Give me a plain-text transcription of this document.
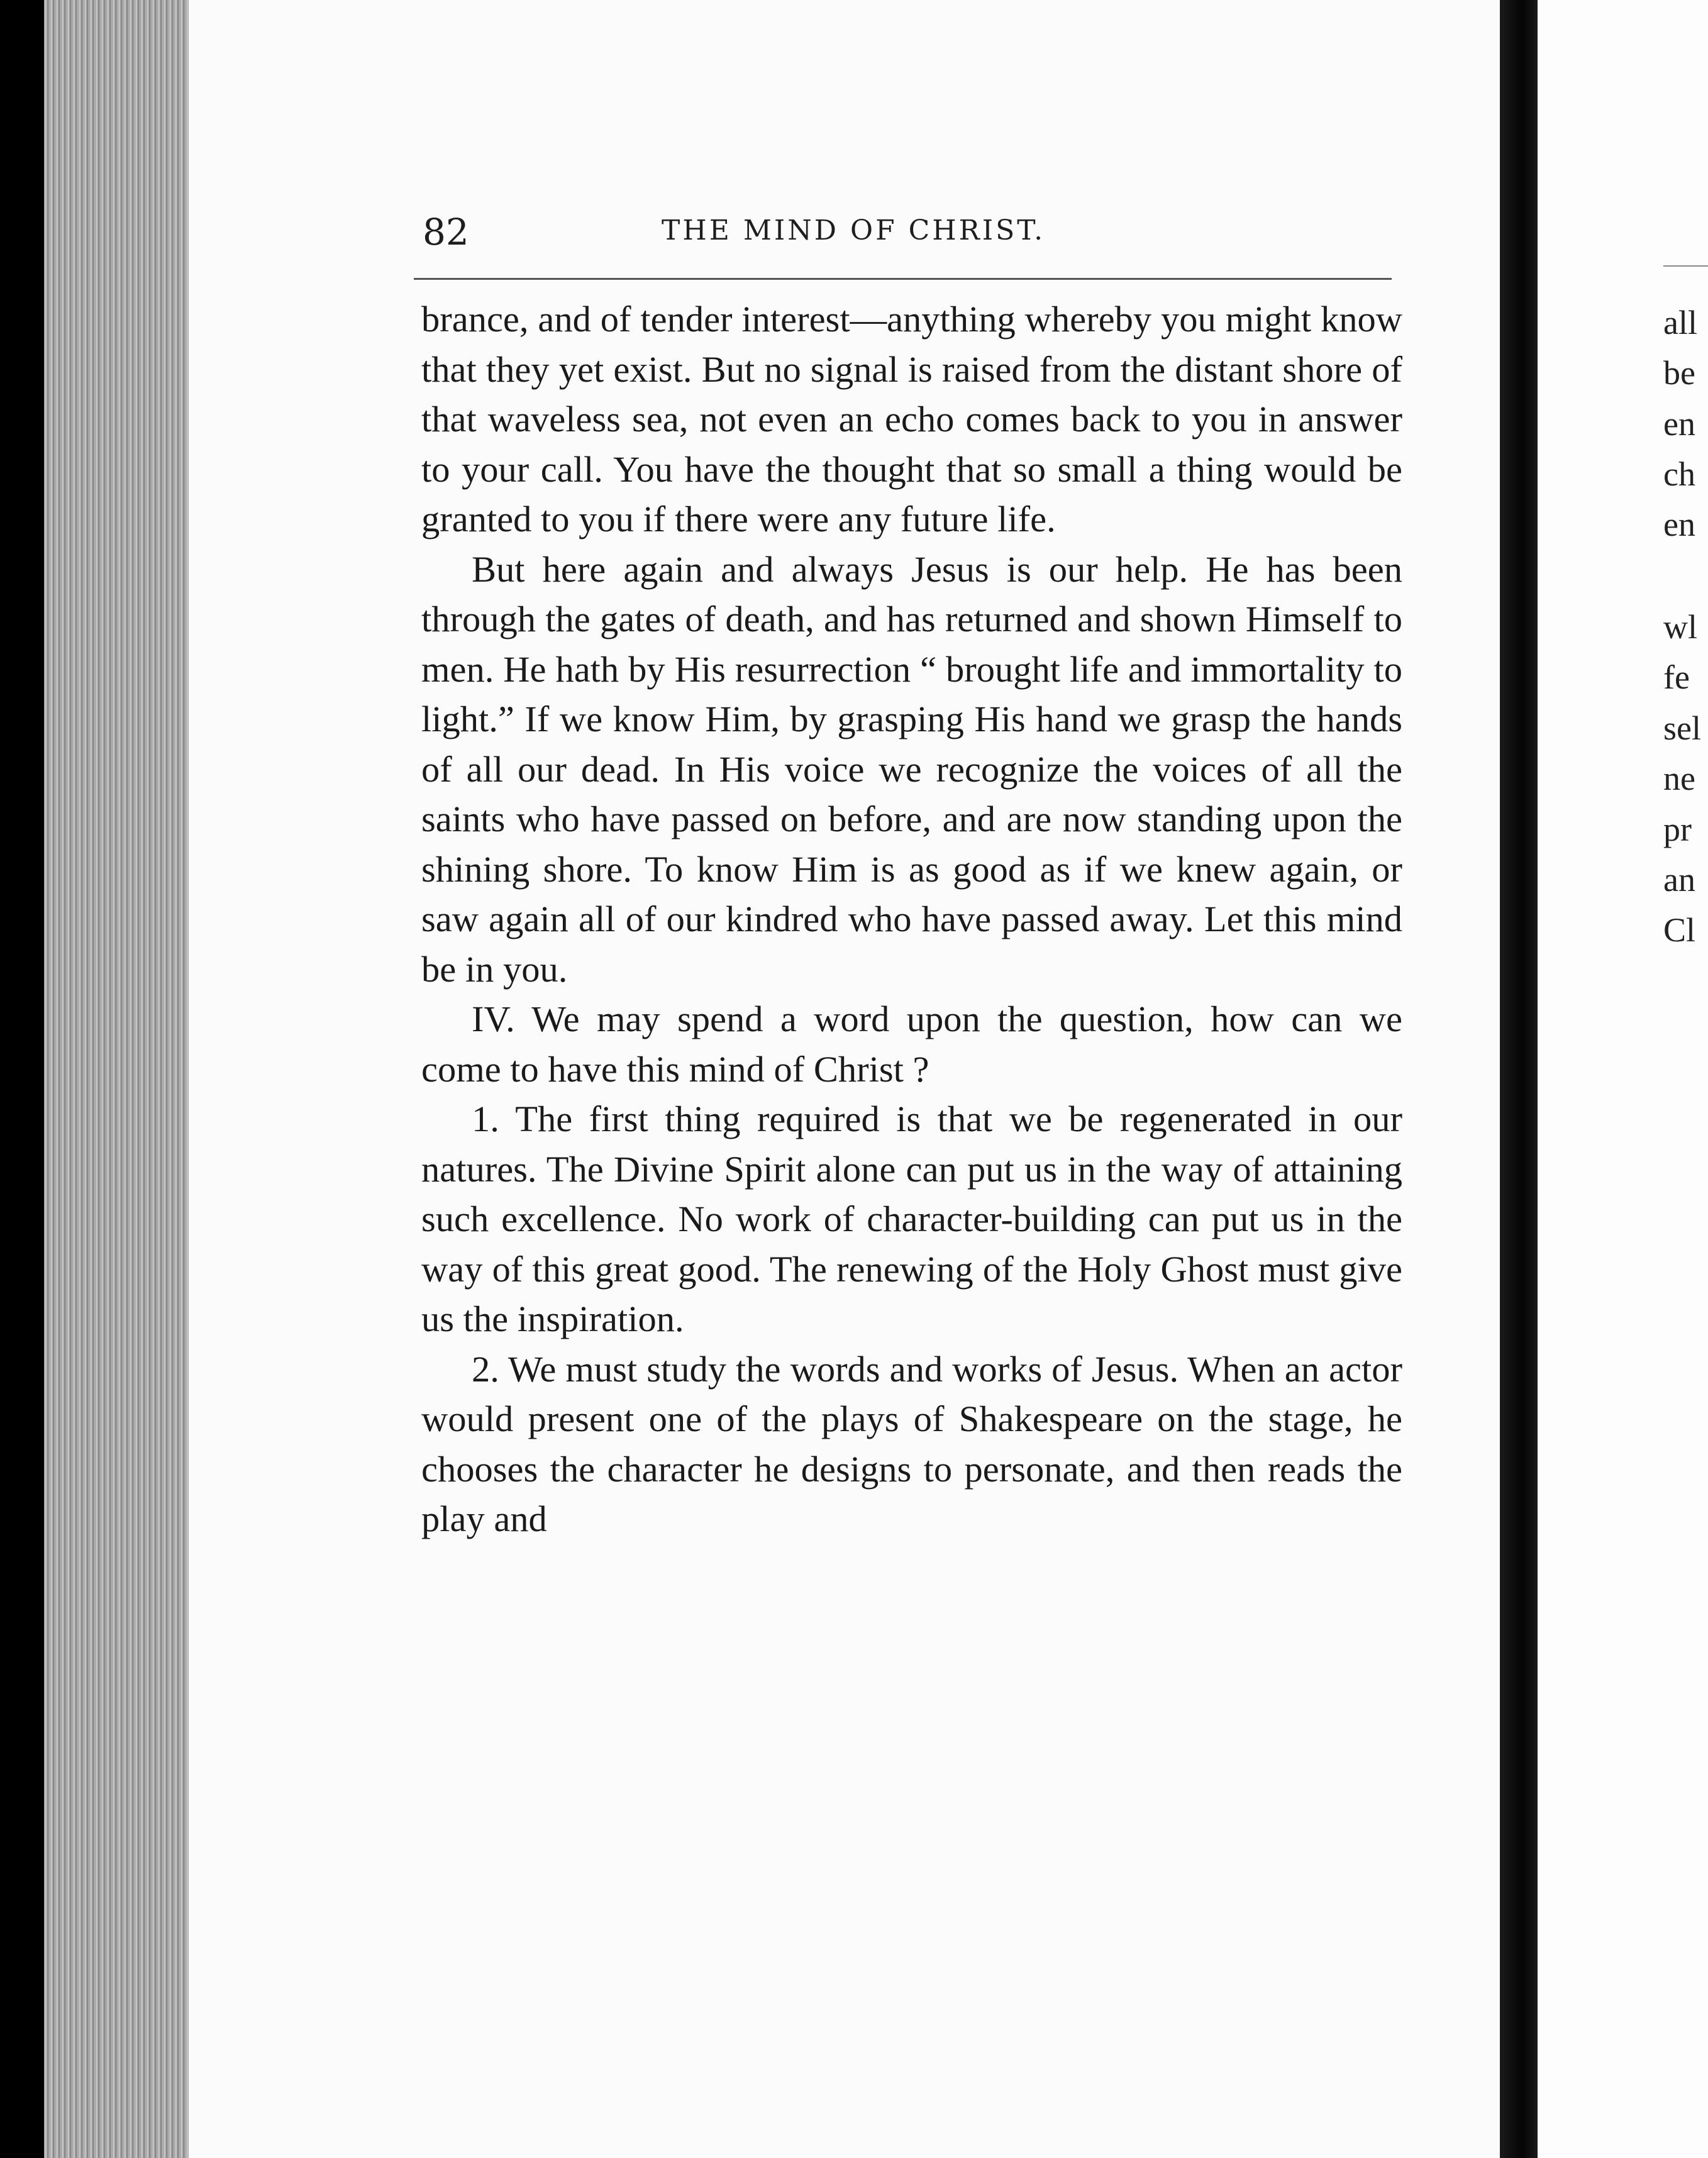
all
be
en
ch
en
wl
fe
sel
ne
pr
an
Cl
82	THE MIND OF CHRIST.

brance, and of tender interest—anything whereby you might know that they yet exist. But no signal is raised from the distant shore of that waveless sea, not even an echo comes back to you in answer to your call. You have the thought that so small a thing would be granted to you if there were any future life.

But here again and always Jesus is our help. He has been through the gates of death, and has returned and shown Himself to men. He hath by His resurrection “ brought life and immortality to light.” If we know Him, by grasping His hand we grasp the hands of all our dead. In His voice we recognize the voices of all the saints who have passed on before, and are now standing upon the shining shore. To know Him is as good as if we knew again, or saw again all of our kindred who have passed away. Let this mind be in you.

IV. We may spend a word upon the question, how can we come to have this mind of Christ ?

1. The first thing required is that we be regenerated in our natures. The Divine Spirit alone can put us in the way of attaining such excellence. No work of character-building can put us in the way of this great good. The renewing of the Holy Ghost must give us the inspiration.

2. We must study the words and works of Jesus. When an actor would present one of the plays of Shakespeare on the stage, he chooses the character he designs to personate, and then reads the play and
